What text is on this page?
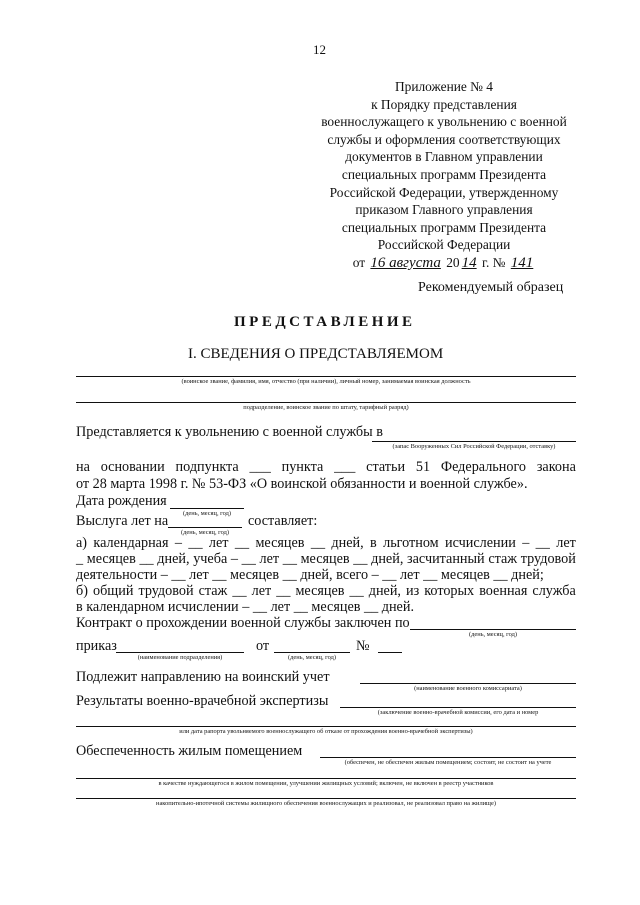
12
Приложение № 4
к Порядку представления
военнослужащего к увольнению с военной
службы и оформления соответствующих
документов в Главном управлении
специальных программ Президента
Российской Федерации, утвержденному
приказом Главного управления
специальных программ Президента
Российской Федерации
от 16 августа 20 14 г. № 141
Рекомендуемый образец
ПРЕДСТАВЛЕНИЕ
I. СВЕДЕНИЯ О ПРЕДСТАВЛЯЕМОМ
(воинское звание, фамилия, имя, отчество (при наличии), личный номер, занимаемая воинская должность
подразделение, воинское звание по штату, тарифный разряд)
Представляется к увольнению с военной службы в
(запас Вооруженных Сил Российской Федерации, отставку)
на основании подпункта ___ пункта ___ статьи 51 Федерального закона
от 28 марта 1998 г. № 53-ФЗ «О воинской обязанности и военной службе».
Дата рождения
(день, месяц, год)
Выслуга лет на
(день, месяц, год)
составляет:
а) календарная – __ лет __ месяцев __ дней, в льготном исчислении – __ лет
_ месяцев __ дней, учеба – __ лет __ месяцев __ дней, засчитанный стаж трудовой
деятельности – __ лет __ месяцев __ дней, всего – __ лет __ месяцев __ дней;
б) общий трудовой стаж __ лет __ месяцев __ дней, из которых военная служба
в календарном исчислении – __ лет __ месяцев __ дней.
Контракт о прохождении военной службы заключен по
(день, месяц, год)
приказ
(наименование подразделения)
от
(день, месяц, год)
№
Подлежит направлению на воинский учет
(наименование военного комиссариата)
Результаты военно-врачебной экспертизы
(заключение военно-врачебной комиссии, его дата и номер
или дата рапорта увольняемого военнослужащего об отказе от прохождения военно-врачебной экспертизы)
Обеспеченность жилым помещением
(обеспечен, не обеспечен жилым помещением; состоит, не состоит на учете
в качестве нуждающегося в жилом помещении, улучшении жилищных условий; включен, не включен в реестр участников
накопительно-ипотечной системы жилищного обеспечения военнослужащих и реализовал, не реализовал право на жилище)
